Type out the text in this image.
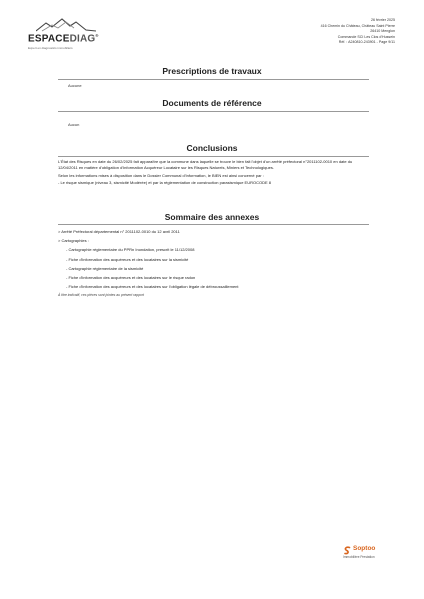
ESPACEDIAG®
Expert en diagnostics immobiliers
26 février 2025
416 Chemin du Château, Château Saint Pierre
26410 Menglon
Commande SCI Les Clos d'Hussein
Réf. : A240810-243901 - Page 9/11
Prescriptions de travaux
Aucune
Documents de référence
Aucun
Conclusions

L'État des Risques en date du 26/02/2025 fait apparaître que la commune dans laquelle se trouve le bien fait l'objet d'un arrêté préfectoral n°2011102-0010 en date du 12/04/2011 en matière d'obligation d'Information Acquéreur Locataire sur les Risques Naturels, Miniers et Technologiques.

Selon les informations mises à disposition dans le Dossier Communal d'Information, le BIEN est ainsi concerné par :

- Le risque sismique (niveau 3, sismicité Modérée) et par la réglementation de construction parasismique EUROCODE 8

Sommaire des annexes
> Arrêté Préfectoral départemental n° 2011102-0010 du 12 avril 2011
> Cartographies :
- Cartographie réglementaire du PPRn Inondation, prescrit le 11/12/2008
- Fiche d'information des acquéreurs et des locataires sur la sismicité
- Cartographie réglementaire de la sismicité
- Fiche d'information des acquéreurs et des locataires sur le risque radon
- Fiche d'information des acquéreurs et des locataires sur l'obligation légale de débroussaillement
À titre indicatif, ces pièces sont jointes au présent rapport
Soptoo
Immobilière Prestation
